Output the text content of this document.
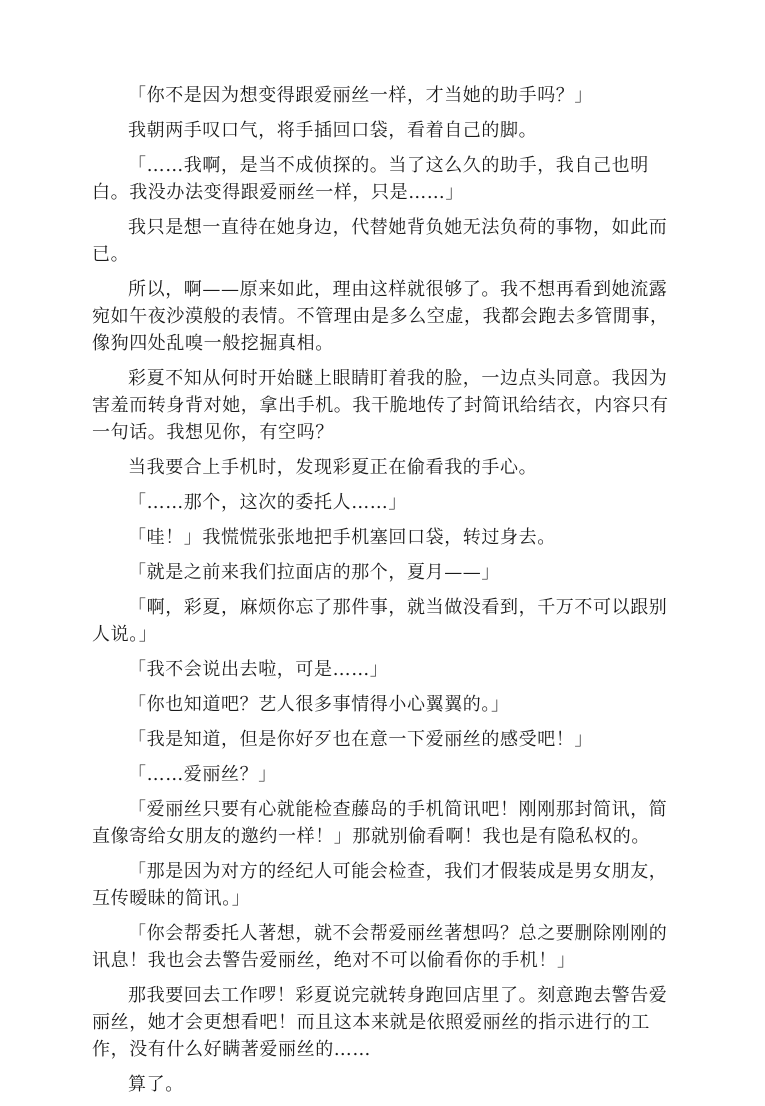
「你不是因为想变得跟爱丽丝一样，才当她的助手吗？」

我朝两手叹口气，将手插回口袋，看着自己的脚。

「……我啊，是当不成侦探的。当了这么久的助手，我自己也明白。我没办法变得跟爱丽丝一样，只是……」

我只是想一直待在她身边，代替她背负她无法负荷的事物，如此而已。

所以，啊——原来如此，理由这样就很够了。我不想再看到她流露宛如午夜沙漠般的表情。不管理由是多么空虚，我都会跑去多管閒事，像狗四处乱嗅一般挖掘真相。

彩夏不知从何时开始瞇上眼睛盯着我的脸，一边点头同意。我因为害羞而转身背对她，拿出手机。我干脆地传了封简讯给结衣，内容只有一句话。我想见你，有空吗？

当我要合上手机时，发现彩夏正在偷看我的手心。

「……那个，这次的委托人……」

「哇！」我慌慌张张地把手机塞回口袋，转过身去。

「就是之前来我们拉面店的那个，夏月——」

「啊，彩夏，麻烦你忘了那件事，就当做没看到，千万不可以跟别人说。」

「我不会说出去啦，可是……」

「你也知道吧？艺人很多事情得小心翼翼的。」

「我是知道，但是你好歹也在意一下爱丽丝的感受吧！」

「……爱丽丝？」

「爱丽丝只要有心就能检查藤岛的手机简讯吧！刚刚那封简讯，简直像寄给女朋友的邀约一样！」那就别偷看啊！我也是有隐私权的。

「那是因为对方的经纪人可能会检查，我们才假装成是男女朋友，互传暧昧的简讯。」

「你会帮委托人著想，就不会帮爱丽丝著想吗？总之要删除刚刚的讯息！我也会去警告爱丽丝，绝对不可以偷看你的手机！」

那我要回去工作啰！彩夏说完就转身跑回店里了。刻意跑去警告爱丽丝，她才会更想看吧！而且这本来就是依照爱丽丝的指示进行的工作，没有什么好瞒著爱丽丝的……

算了。
